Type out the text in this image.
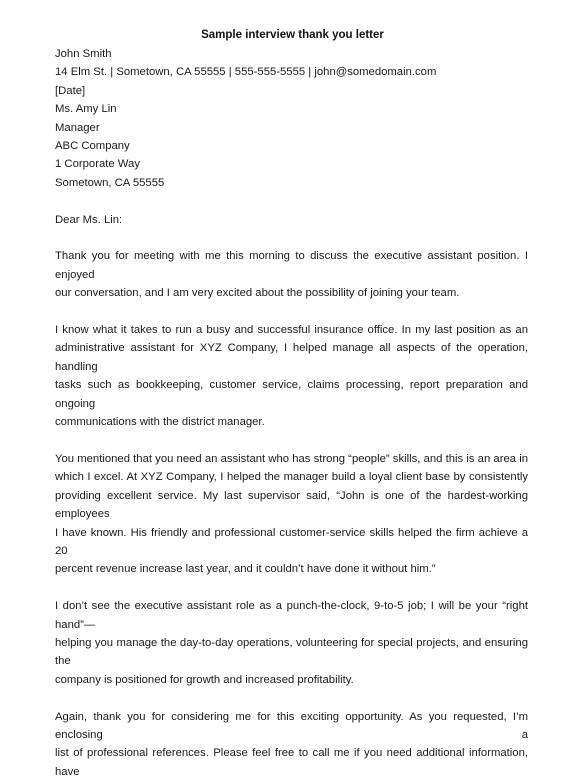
Sample interview thank you letter
John Smith
14 Elm St. | Sometown, CA 55555 | 555-555-5555 | john@somedomain.com
[Date]
Ms. Amy Lin
Manager
ABC Company
1 Corporate Way
Sometown, CA 55555
Dear Ms. Lin:
Thank you for meeting with me this morning to discuss the executive assistant position. I enjoyed
our conversation, and I am very excited about the possibility of joining your team.
I know what it takes to run a busy and successful insurance office. In my last position as an
administrative assistant for XYZ Company, I helped manage all aspects of the operation, handling
tasks such as bookkeeping, customer service, claims processing, report preparation and ongoing
communications with the district manager.
You mentioned that you need an assistant who has strong “people” skills, and this is an area in
which I excel. At XYZ Company, I helped the manager build a loyal client base by consistently
providing excellent service. My last supervisor said, “John is one of the hardest-working employees
I have known. His friendly and professional customer-service skills helped the firm achieve a 20
percent revenue increase last year, and it couldn’t have done it without him.”
I don’t see the executive assistant role as a punch-the-clock, 9-to-5 job; I will be your “right hand”—
helping you manage the day-to-day operations, volunteering for special projects, and ensuring the
company is positioned for growth and increased profitability.
Again, thank you for considering me for this exciting opportunity. As you requested, I’m enclosing a
list of professional references. Please feel free to call me if you need additional information, have
